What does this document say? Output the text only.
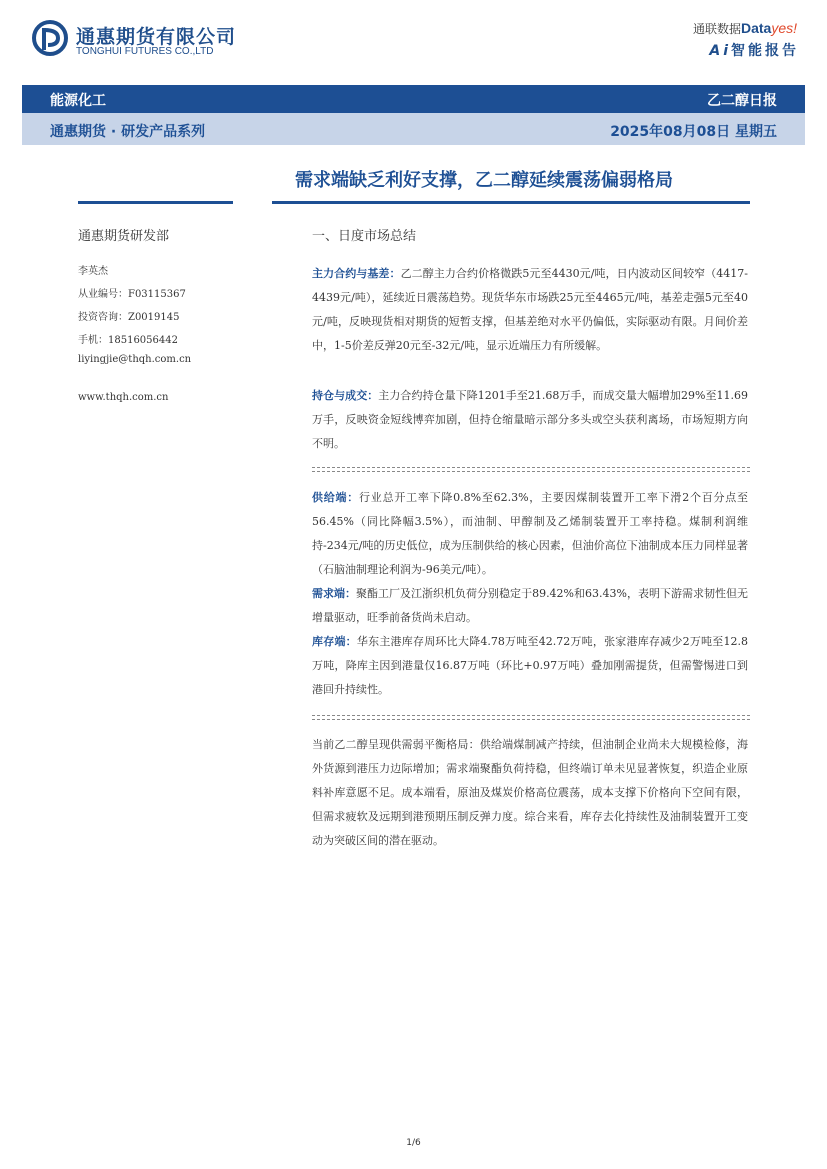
通惠期货有限公司
TONGHUI FUTURES CO.,LTD
通联数据Datayes!
Ai智能报告
能源化工	乙二醇日报
通惠期货 · 研发产品系列	2025年08月08日 星期五
需求端缺乏利好支撑，乙二醇延续震荡偏弱格局
通惠期货研发部
李英杰
从业编号：F03115367
投资咨询：Z0019145
手机：18516056442
liyingjie@thqh.com.cn
www.thqh.com.cn
一、日度市场总结
主力合约与基差：乙二醇主力合约价格微跌5元至4430元/吨，日内波动区间较窄（4417-4439元/吨），延续近日震荡趋势。现货华东市场跌25元至4465元/吨，基差走强5元至40元/吨，反映现货相对期货的短暂支撑，但基差绝对水平仍偏低，实际驱动有限。月间价差中，1-5价差反弹20元至-32元/吨，显示近端压力有所缓解。
持仓与成交：主力合约持仓量下降1201手至21.68万手，而成交量大幅增加29%至11.69万手，反映资金短线博弈加剧，但持仓缩量暗示部分多头或空头获利离场，市场短期方向不明。
供给端：行业总开工率下降0.8%至62.3%，主要因煤制装置开工率下滑2个百分点至56.45%（同比降幅3.5%），而油制、甲醇制及乙烯制装置开工率持稳。煤制利润维持-234元/吨的历史低位，成为压制供给的核心因素，但油价高位下油制成本压力同样显著（石脑油制理论利润为-96美元/吨）。
需求端：聚酯工厂及江浙织机负荷分别稳定于89.42%和63.43%，表明下游需求韧性但无增量驱动，旺季前备货尚未启动。
库存端：华东主港库存周环比大降4.78万吨至42.72万吨，张家港库存减少2万吨至12.8万吨，降库主因到港量仅16.87万吨（环比+0.97万吨）叠加刚需提货，但需警惕进口到港回升持续性。
当前乙二醇呈现供需弱平衡格局：供给端煤制减产持续，但油制企业尚未大规模检修，海外货源到港压力边际增加；需求端聚酯负荷持稳，但终端订单未见显著恢复，织造企业原料补库意愿不足。成本端看，原油及煤炭价格高位震荡，成本支撑下价格向下空间有限，但需求疲软及远期到港预期压制反弹力度。综合来看，库存去化持续性及油制装置开工变动为突破区间的潜在驱动。
1/6
